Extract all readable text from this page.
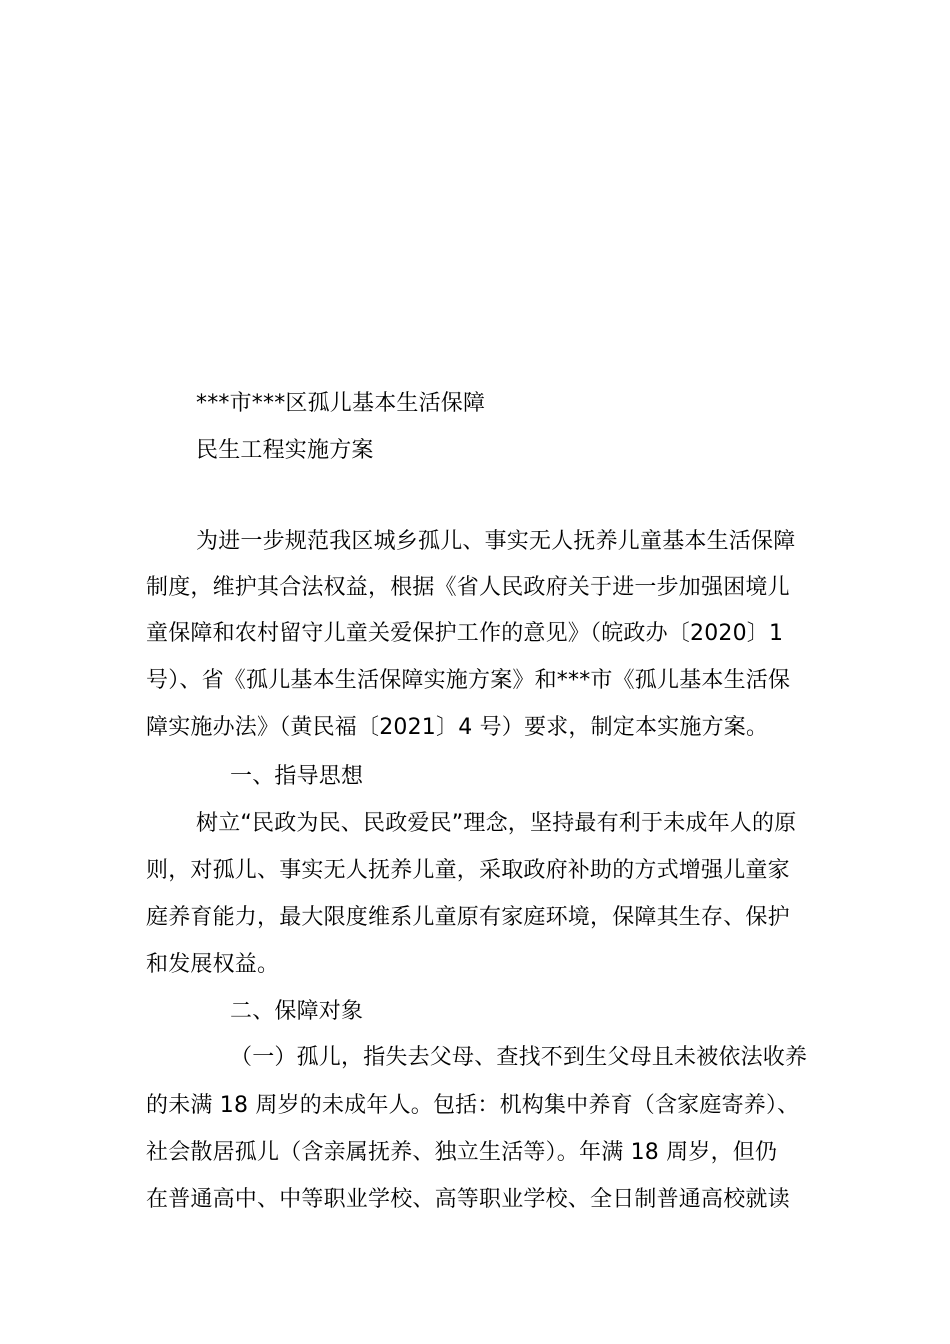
***市***区孤儿基本生活保障
民生工程实施方案
为进一步规范我区城乡孤儿、事实无人抚养儿童基本生活保障
制度，维护其合法权益，根据《省人民政府关于进一步加强困境儿
童保障和农村留守儿童关爱保护工作的意见》（皖政办〔2020〕1
号）、省《孤儿基本生活保障实施方案》和***市《孤儿基本生活保
障实施办法》（黄民福〔2021〕4 号）要求，制定本实施方案。
一、指导思想
树立“民政为民、民政爱民”理念，坚持最有利于未成年人的原
则，对孤儿、事实无人抚养儿童，采取政府补助的方式增强儿童家
庭养育能力，最大限度维系儿童原有家庭环境，保障其生存、保护
和发展权益。
二、保障对象
（一）孤儿，指失去父母、查找不到生父母且未被依法收养
的未满 18 周岁的未成年人。包括：机构集中养育（含家庭寄养）、
社会散居孤儿（含亲属抚养、独立生活等）。年满 18 周岁，但仍
在普通高中、中等职业学校、高等职业学校、全日制普通高校就读
